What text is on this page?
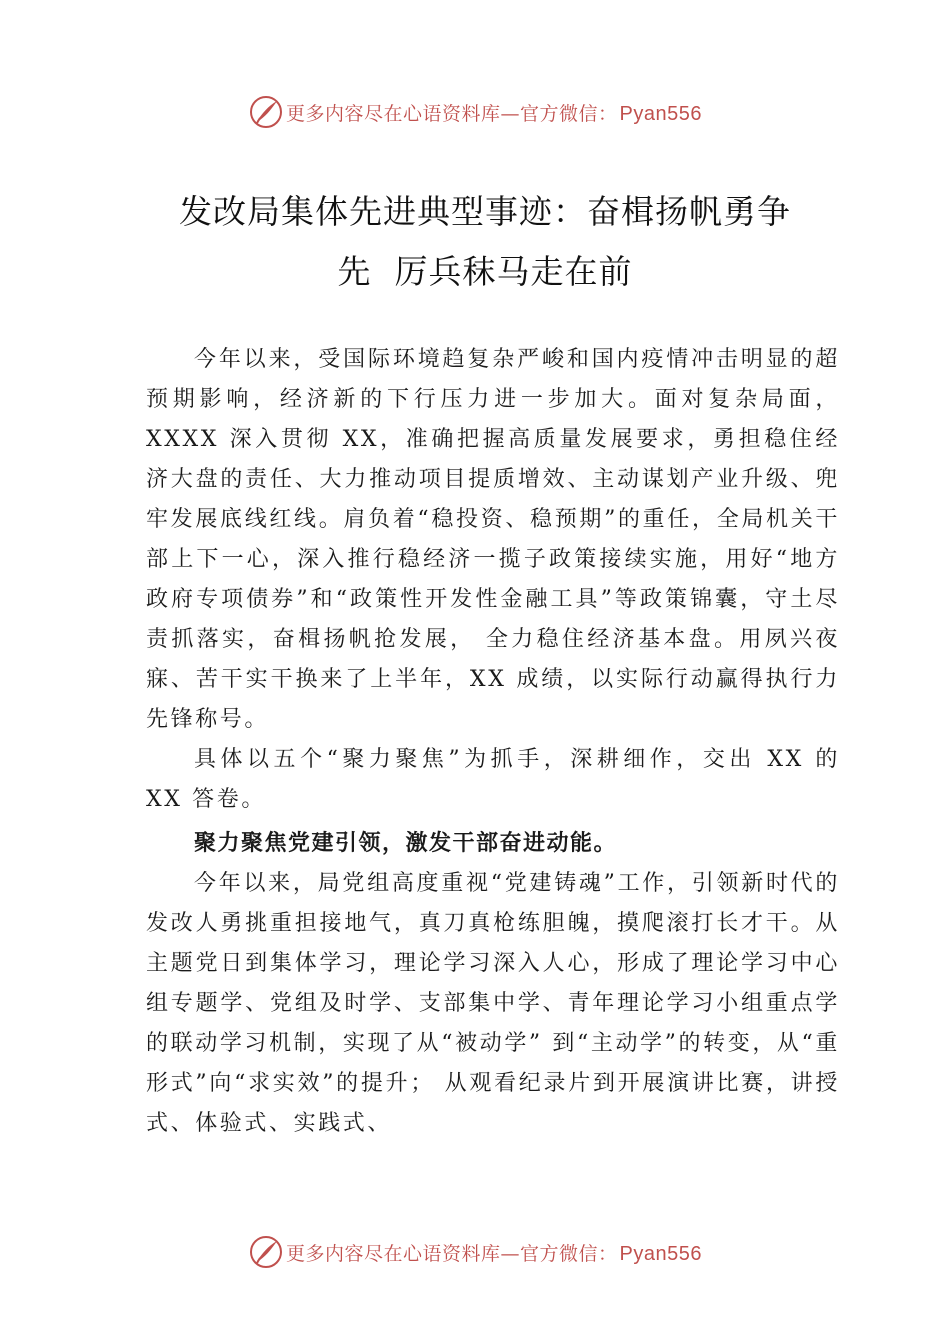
更多内容尽在心语资料库—官方微信： Pyan556
发改局集体先进典型事迹：奋楫扬帆勇争
先  厉兵秣马走在前

今年以来，受国际环境趋复杂严峻和国内疫情冲击明显的超预期影响，经济新的下行压力进一步加大。面对复杂局面，XXXX 深入贯彻 XX，准确把握高质量发展要求，勇担稳住经济大盘的责任、大力推动项目提质增效、主动谋划产业升级、兜牢发展底线红线。肩负着“稳投资、稳预期”的重任，全局机关干部上下一心，深入推行稳经济一揽子政策接续实施，用好“地方政府专项债券”和“政策性开发性金融工具”等政策锦囊，守土尽责抓落实，奋楫扬帆抢发展， 全力稳住经济基本盘。用夙兴夜寐、苦干实干换来了上半年，XX 成绩，以实际行动赢得执行力先锋称号。

具体以五个“聚力聚焦”为抓手，深耕细作，交出 XX 的 XX 答卷。

聚力聚焦党建引领，激发干部奋进动能。

今年以来，局党组高度重视“党建铸魂”工作，引领新时代的发改人勇挑重担接地气，真刀真枪练胆魄，摸爬滚打长才干。从主题党日到集体学习，理论学习深入人心，形成了理论学习中心组专题学、党组及时学、支部集中学、青年理论学习小组重点学的联动学习机制，实现了从“被动学” 到“主动学”的转变，从“重形式”向“求实效”的提升； 从观看纪录片到开展演讲比赛，讲授式、体验式、实践式、

更多内容尽在心语资料库—官方微信： Pyan556
